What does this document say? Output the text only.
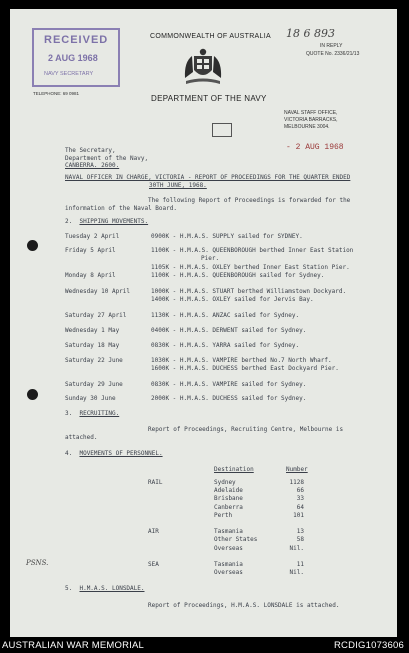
RECEIVED
2 AUG 1968
NAVY SECRETARY
TELEPHONE: 69 0981
COMMONWEALTH OF AUSTRALIA
DEPARTMENT OF THE NAVY
18 6 893
IN REPLY
QUOTE No. 2336/21/13
NAVAL STAFF OFFICE,
VICTORIA BARRACKS,
MELBOURNE 3004.
- 2 AUG 1968
The Secretary,
Department of the Navy,
CANBERRA. 2600.
NAVAL OFFICER IN CHARGE, VICTORIA - REPORT OF PROCEEDINGS FOR THE QUARTER ENDED
30TH JUNE, 1968.
The following Report of Proceedings is forwarded for the
information of the Naval Board.
2. SHIPPING MOVEMENTS.
Tuesday 2 April	0900K - H.M.A.S. SUPPLY sailed for SYDNEY.
Friday 5 April	1100K - H.M.A.S. QUEENBOROUGH berthed Inner East Station
Pier.
1105K - H.M.A.S. OXLEY berthed Inner East Station Pier.
Monday 8 April	1100K - H.M.A.S. QUEENBOROUGH sailed for Sydney.
Wednesday 10 April	1000K - H.M.A.S. STUART berthed Williamstown Dockyard.
1400K - H.M.A.S. OXLEY sailed for Jervis Bay.
Saturday 27 April	1130K - H.M.A.S. ANZAC sailed for Sydney.
Wednesday 1 May	0400K - H.M.A.S. DERWENT sailed for Sydney.
Saturday 18 May	0830K - H.M.A.S. YARRA sailed for Sydney.
Saturday 22 June	1030K - H.M.A.S. VAMPIRE berthed No.7 North Wharf.
1600K - H.M.A.S. DUCHESS berthed East Dockyard Pier.
Saturday 29 June	0830K - H.M.A.S. VAMPIRE sailed for Sydney.
Sunday 30 June	2000K - H.M.A.S. DUCHESS sailed for Sydney.
3. RECRUITING.
Report of Proceedings, Recruiting Centre, Melbourne is
attached.
4. MOVEMENTS OF PERSONNEL.
Destination	Number
RAIL	Sydney	1128
	Adelaide	66
	Brisbane	33
	Canberra	64
	Perth	101

AIR	Tasmania	13
	Other States	58
	Overseas	Nil.

SEA	Tasmania	11
	Overseas	Nil.
PSNS.
5. H.M.A.S. LONSDALE.
Report of Proceedings, H.M.A.S. LONSDALE is attached.
AUSTRALIAN WAR MEMORIAL	RCDIG1073606
